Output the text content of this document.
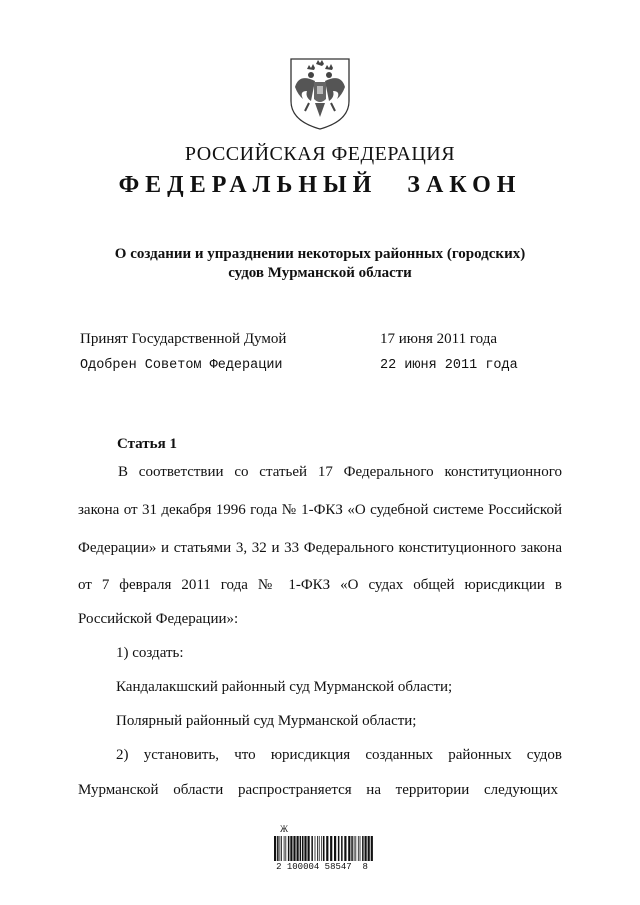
РОССИЙСКАЯ ФЕДЕРАЦИЯ
ФЕДЕРАЛЬНЫЙ ЗАКОН
О создании и упразднении некоторых районных (городских)
судов Мурманской области
Принят Государственной Думой	17 июня 2011 года
Одобрен Советом Федерации	22 июня 2011 года
Статья 1
В соответствии со статьей 17 Федерального конституционного
закона от 31 декабря 1996 года № 1-ФКЗ «О судебной системе Российской
Федерации» и статьями 3, 32 и 33 Федерального конституционного закона
от 7 февраля 2011 года № 1-ФКЗ «О судах общей юрисдикции в
Российской Федерации»:
1) создать:
Кандалакшский районный суд Мурманской области;
Полярный районный суд Мурманской области;
2) установить, что юрисдикция созданных районных судов
Мурманской области распространяется на территории следующих
Ж
2 100004 58547  8
